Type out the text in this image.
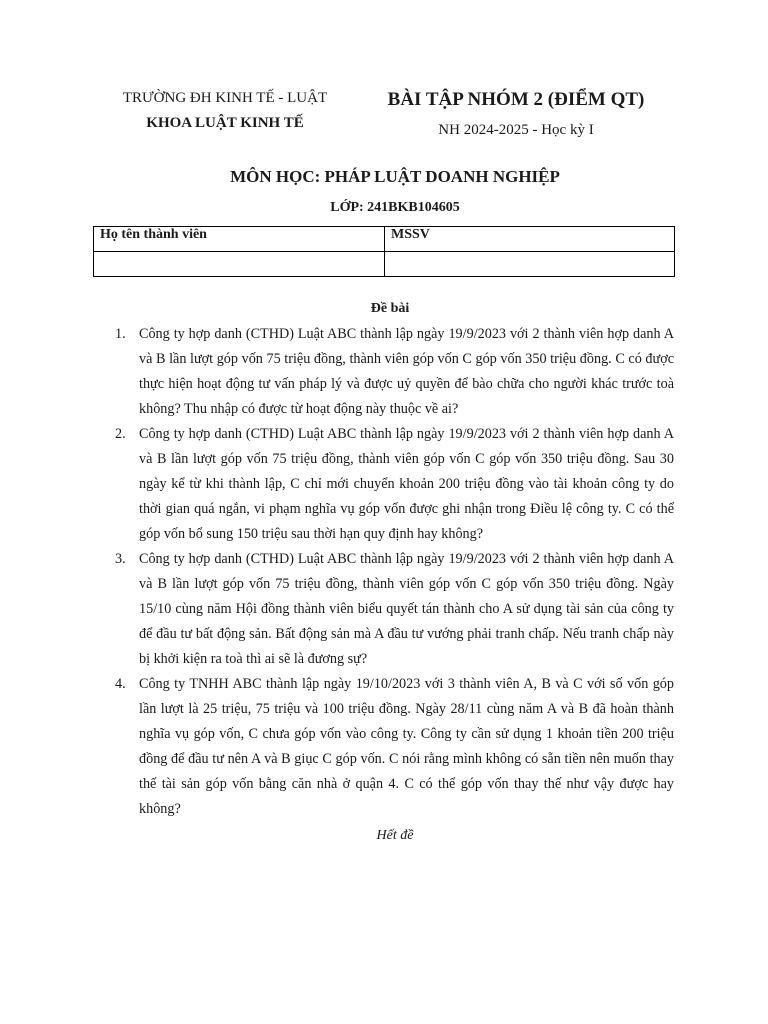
TRƯỜNG ĐH KINH TẾ - LUẬT
KHOA LUẬT KINH TẾ
BÀI TẬP NHÓM 2 (ĐIỂM QT)
NH 2024-2025 - Học kỳ I
MÔN HỌC: PHÁP LUẬT DOANH NGHIỆP
LỚP: 241BKB104605
Họ tên thành viên	MSSV

Đề bài
1. Công ty hợp danh (CTHD) Luật ABC thành lập ngày 19/9/2023 với 2 thành viên hợp danh A và B lần lượt góp vốn 75 triệu đồng, thành viên góp vốn C góp vốn 350 triệu đồng. C có được thực hiện hoạt động tư vấn pháp lý và được uỷ quyền để bào chữa cho người khác trước toà không? Thu nhập có được từ hoạt động này thuộc về ai?
2. Công ty hợp danh (CTHD) Luật ABC thành lập ngày 19/9/2023 với 2 thành viên hợp danh A và B lần lượt góp vốn 75 triệu đồng, thành viên góp vốn C góp vốn 350 triệu đồng. Sau 30 ngày kể từ khi thành lập, C chỉ mới chuyển khoản 200 triệu đồng vào tài khoản công ty do thời gian quá ngắn, vi phạm nghĩa vụ góp vốn được ghi nhận trong Điều lệ công ty. C có thể góp vốn bổ sung 150 triệu sau thời hạn quy định hay không?
3. Công ty hợp danh (CTHD) Luật ABC thành lập ngày 19/9/2023 với 2 thành viên hợp danh A và B lần lượt góp vốn 75 triệu đồng, thành viên góp vốn C góp vốn 350 triệu đồng. Ngày 15/10 cùng năm Hội đồng thành viên biểu quyết tán thành cho A sử dụng tài sản của công ty để đầu tư bất động sản. Bất động sản mà A đầu tư vướng phải tranh chấp. Nếu tranh chấp này bị khởi kiện ra toà thì ai sẽ là đương sự?
4. Công ty TNHH ABC thành lập ngày 19/10/2023 với 3 thành viên A, B và C với số vốn góp lần lượt là 25 triệu, 75 triệu và 100 triệu đồng. Ngày 28/11 cùng năm A và B đã hoàn thành nghĩa vụ góp vốn, C chưa góp vốn vào công ty. Công ty cần sử dụng 1 khoản tiền 200 triệu đồng để đầu tư nên A và B giục C góp vốn. C nói rằng mình không có sẵn tiền nên muốn thay thế tài sản góp vốn bằng căn nhà ở quận 4. C có thể góp vốn thay thế như vậy được hay không?
Hết đề
